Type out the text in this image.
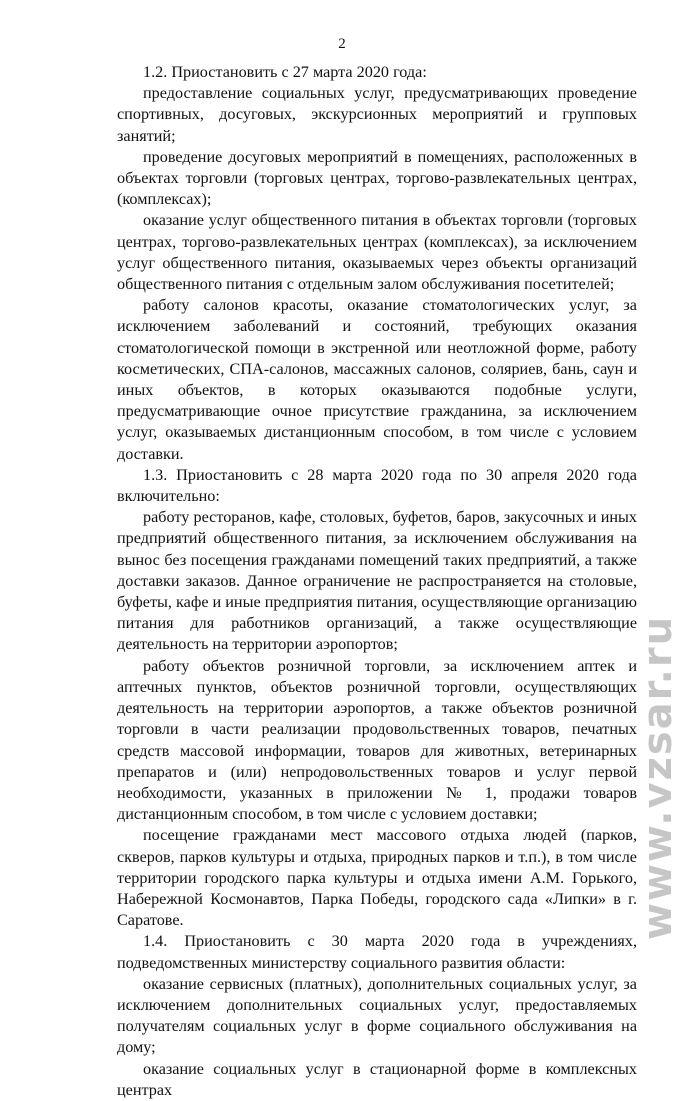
2

1.2. Приостановить с 27 марта 2020 года:

предоставление социальных услуг, предусматривающих проведение спортивных, досуговых, экскурсионных мероприятий и групповых занятий;

проведение досуговых мероприятий в помещениях, расположенных в объектах торговли (торговых центрах, торгово-развлекательных центрах, (комплексах);

оказание услуг общественного питания в объектах торговли (торговых центрах, торгово-развлекательных центрах (комплексах), за исключением услуг общественного питания, оказываемых через объекты организаций общественного питания с отдельным залом обслуживания посетителей;

работу салонов красоты, оказание стоматологических услуг, за исключением заболеваний и состояний, требующих оказания стоматологической помощи в экстренной или неотложной форме, работу косметических, СПА-салонов, массажных салонов, соляриев, бань, саун и иных объектов, в которых оказываются подобные услуги, предусматривающие очное присутствие гражданина, за исключением услуг, оказываемых дистанционным способом, в том числе с условием доставки.

1.3. Приостановить с 28 марта 2020 года по 30 апреля 2020 года включительно:

работу ресторанов, кафе, столовых, буфетов, баров, закусочных и иных предприятий общественного питания, за исключением обслуживания на вынос без посещения гражданами помещений таких предприятий, а также доставки заказов. Данное ограничение не распространяется на столовые, буфеты, кафе и иные предприятия питания, осуществляющие организацию питания для работников организаций, а также осуществляющие деятельность на территории аэропортов;

работу объектов розничной торговли, за исключением аптек и аптечных пунктов, объектов розничной торговли, осуществляющих деятельность на территории аэропортов, а также объектов розничной торговли в части реализации продовольственных товаров, печатных средств массовой информации, товаров для животных, ветеринарных препаратов и (или) непродовольственных товаров и услуг первой необходимости, указанных в приложении № 1, продажи товаров дистанционным способом, в том числе с условием доставки;

посещение гражданами мест массового отдыха людей (парков, скверов, парков культуры и отдыха, природных парков и т.п.), в том числе территории городского парка культуры и отдыха имени А.М. Горького, Набережной Космонавтов, Парка Победы, городского сада «Липки» в г. Саратове.

1.4. Приостановить с 30 марта 2020 года в учреждениях, подведомственных министерству социального развития области:

оказание сервисных (платных), дополнительных социальных услуг, за исключением дополнительных социальных услуг, предоставляемых получателям социальных услуг в форме социального обслуживания на дому;

оказание социальных услуг в стационарной форме в комплексных центрах

www.vzsar.ru
